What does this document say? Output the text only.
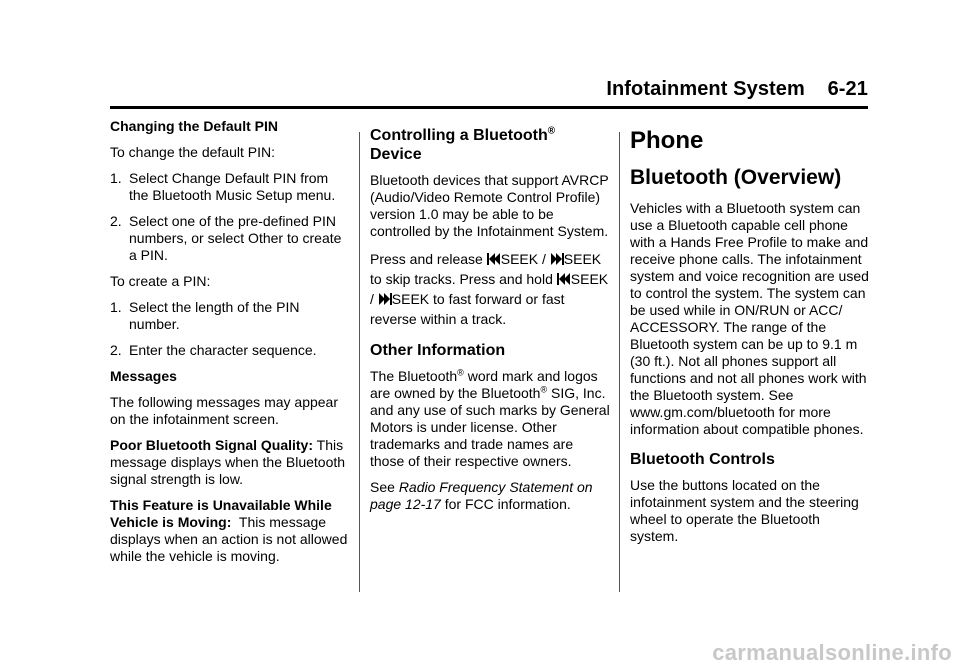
Infotainment System 6-21

Changing the Default PIN

To change the default PIN:

1. Select Change Default PIN from the Bluetooth Music Setup menu.
2. Select one of the pre-defined PIN numbers, or select Other to create a PIN.

To create a PIN:

1. Select the length of the PIN number.
2. Enter the character sequence.

Messages

The following messages may appear on the infotainment screen.

Poor Bluetooth Signal Quality: This message displays when the Bluetooth signal strength is low.

This Feature is Unavailable While Vehicle is Moving: This message displays when an action is not allowed while the vehicle is moving.

Controlling a Bluetooth®
Device

Bluetooth devices that support AVRCP (Audio/Video Remote Control Profile) version 1.0 may be able to be controlled by the Infotainment System.

Press and release SEEK / SEEK to skip tracks. Press and hold SEEK / SEEK to fast forward or fast reverse within a track.

Other Information

The Bluetooth® word mark and logos are owned by the Bluetooth® SIG, Inc. and any use of such marks by General Motors is under license. Other trademarks and trade names are those of their respective owners.

See Radio Frequency Statement on page 12-17 for FCC information.

Phone
Bluetooth (Overview)

Vehicles with a Bluetooth system can use a Bluetooth capable cell phone with a Hands Free Profile to make and receive phone calls. The infotainment system and voice recognition are used to control the system. The system can be used while in ON/RUN or ACC/ ACCESSORY. The range of the Bluetooth system can be up to 9.1 m (30 ft.). Not all phones support all functions and not all phones work with the Bluetooth system. See www.gm.com/bluetooth for more information about compatible phones.

Bluetooth Controls

Use the buttons located on the infotainment system and the steering wheel to operate the Bluetooth system.

carmanualsonline.info
